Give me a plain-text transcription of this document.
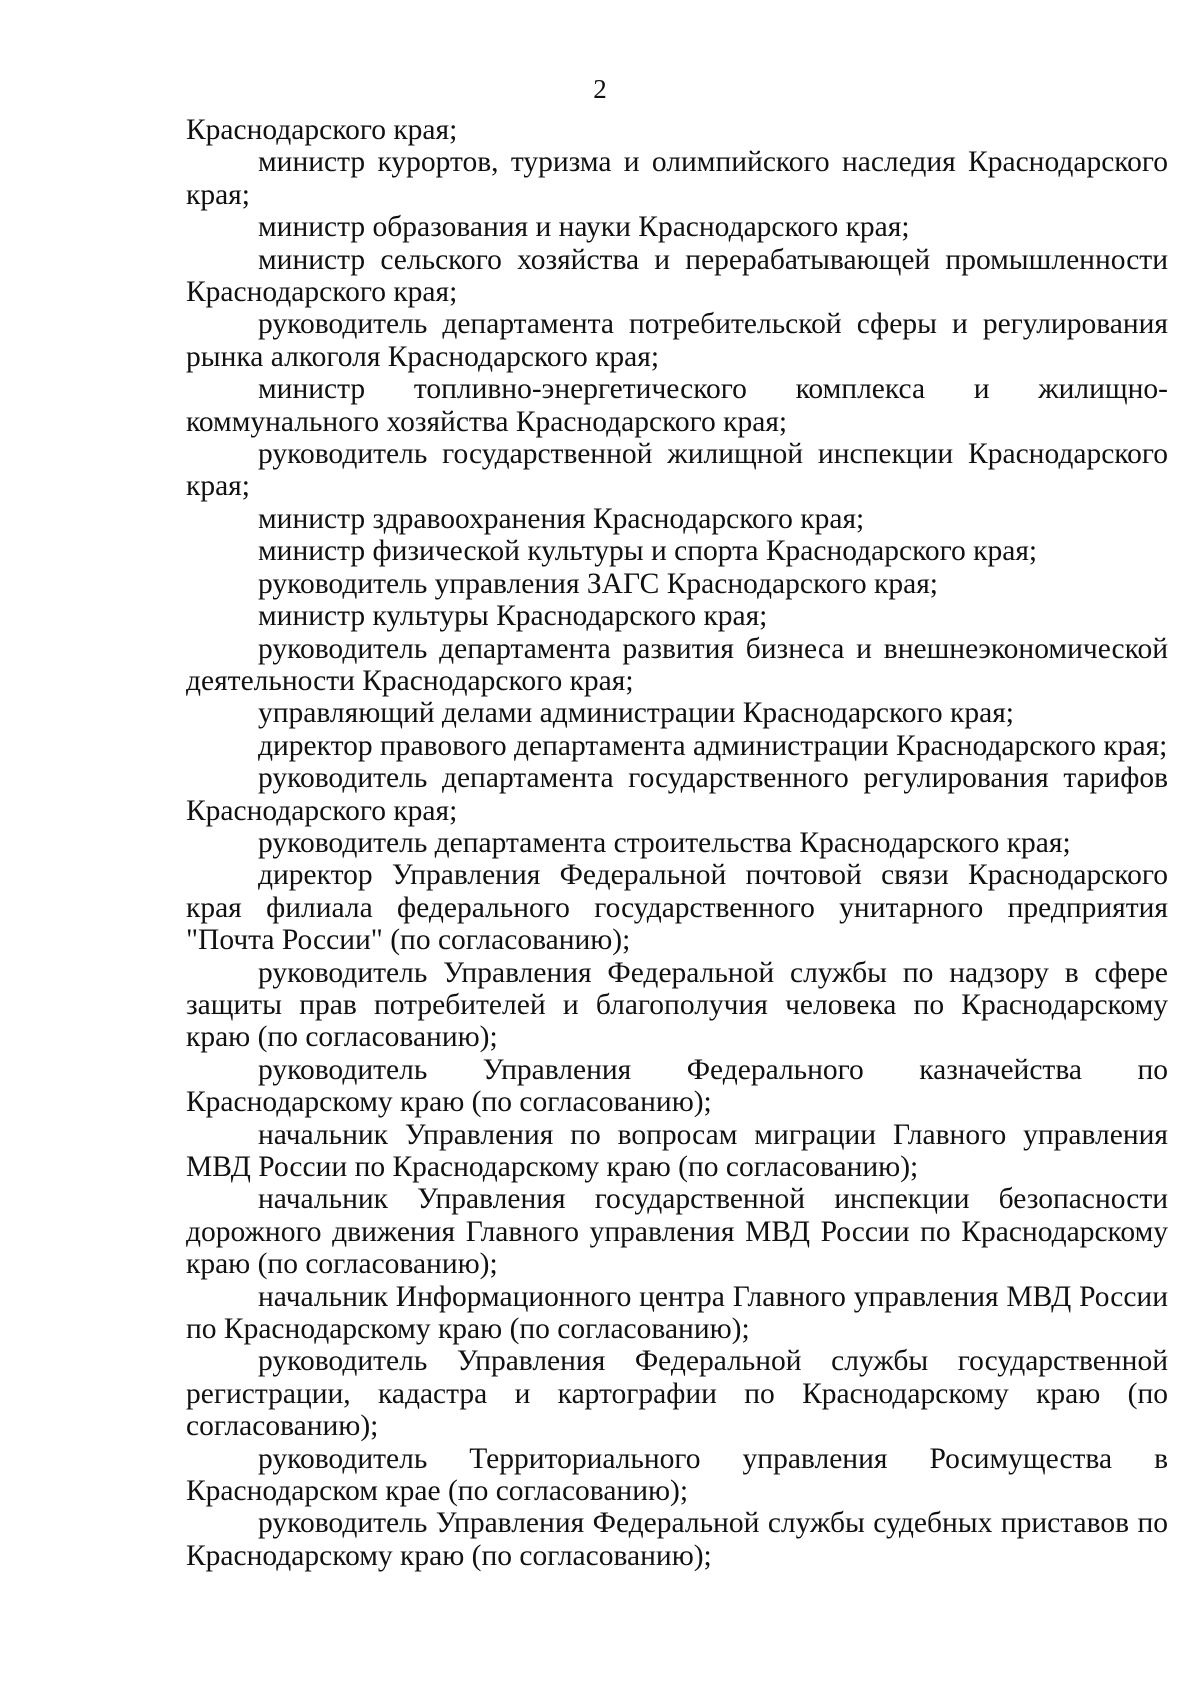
2

Краснодарского края;

министр курортов, туризма и олимпийского наследия Краснодарского края;

министр образования и науки Краснодарского края;

министр сельского хозяйства и перерабатывающей промышленности Краснодарского края;

руководитель департамента потребительской сферы и регулирования рынка алкоголя Краснодарского края;

министр топливно-энергетического комплекса и жилищно-коммунального хозяйства Краснодарского края;

руководитель государственной жилищной инспекции Краснодарского края;

министр здравоохранения Краснодарского края;

министр физической культуры и спорта Краснодарского края;

руководитель управления ЗАГС Краснодарского края;

министр культуры Краснодарского края;

руководитель департамента развития бизнеса и внешнеэкономической деятельности Краснодарского края;

управляющий делами администрации Краснодарского края;

директор правового департамента администрации Краснодарского края;

руководитель департамента государственного регулирования тарифов Краснодарского края;

руководитель департамента строительства Краснодарского края;

директор Управления Федеральной почтовой связи Краснодарского края филиала федерального государственного унитарного предприятия "Почта России" (по согласованию);

руководитель Управления Федеральной службы по надзору в сфере защиты прав потребителей и благополучия человека по Краснодарскому краю (по согласованию);

руководитель Управления Федерального казначейства по Краснодарскому краю (по согласованию);

начальник Управления по вопросам миграции Главного управления МВД России по Краснодарскому краю (по согласованию);

начальник Управления государственной инспекции безопасности дорожного движения Главного управления МВД России по Краснодарскому краю (по согласованию);

начальник Информационного центра Главного управления МВД России по Краснодарскому краю (по согласованию);

руководитель Управления Федеральной службы государственной регистрации, кадастра и картографии по Краснодарскому краю (по согласованию);

руководитель Территориального управления Росимущества в Краснодарском крае (по согласованию);

руководитель Управления Федеральной службы судебных приставов по Краснодарскому краю (по согласованию);
